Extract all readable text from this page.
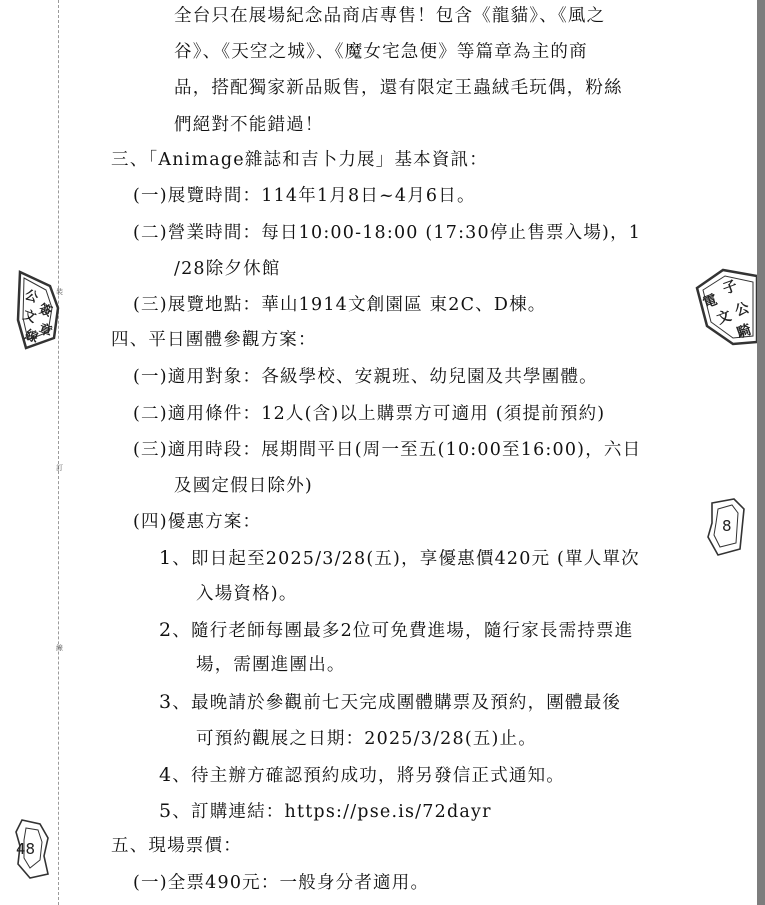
裝
訂
線
公
文
簽
線
章
電
子
文 公
騎
8
48
全台只在展場紀念品商店專售！包含《龍貓》、《風之
谷》、《天空之城》、《魔女宅急便》等篇章為主的商
品，搭配獨家新品販售，還有限定王蟲絨毛玩偶，粉絲
們絕對不能錯過！
三、「Animage雜誌和吉卜力展」基本資訊：
(一)展覽時間：114年1月8日~4月6日。
(二)營業時間：每日10:00-18:00 (17:30停止售票入場)，1
/28除夕休館
(三)展覽地點：華山1914文創園區 東2C、D棟。
四、平日團體參觀方案：
(一)適用對象：各級學校、安親班、幼兒園及共學團體。
(二)適用條件：12人(含)以上購票方可適用 (須提前預約)
(三)適用時段：展期間平日(周一至五(10:00至16:00)，六日
及國定假日除外)
(四)優惠方案：
1、即日起至2025/3/28(五)，享優惠價420元 (單人單次
入場資格)。
2、隨行老師每團最多2位可免費進場，隨行家長需持票進
場，需團進團出。
3、最晚請於參觀前七天完成團體購票及預約，團體最後
可預約觀展之日期：2025/3/28(五)止。
4、待主辦方確認預約成功，將另發信正式通知。
5、訂購連結：https://pse.is/72dayr
五、現場票價：
(一)全票490元：一般身分者適用。
